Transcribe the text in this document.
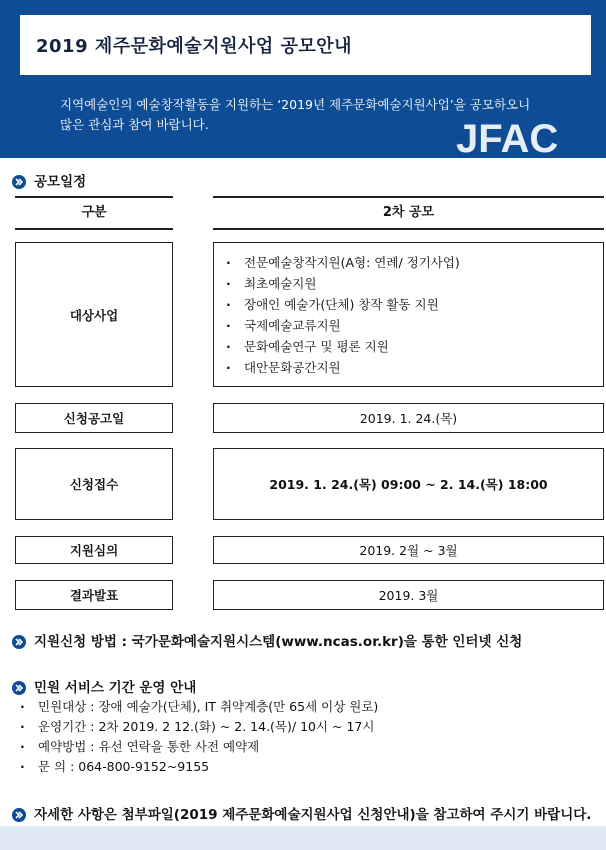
2019 제주문화예술지원사업 공모안내
지역예술인의 예술창작활동을 지원하는 ‘2019년 제주문화예술지원사업’을 공모하오니
많은 관심과 참여 바랍니다.	JFAC
공모일정
구분	2차 공모
대상사업
· 전문예술창작지원(A형: 연례/ 정기사업)
· 최초예술지원
· 장애인 예술가(단체) 창작 활동 지원
· 국제예술교류지원
· 문화예술연구 및 평론 지원
· 대안문화공간지원
신청공고일	2019. 1. 24.(목)
신청접수	2019. 1. 24.(목) 09:00 ~ 2. 14.(목) 18:00
지원심의	2019. 2월 ~ 3월
결과발표	2019. 3월
지원신청 방법 : 국가문화예술지원시스템(www.ncas.or.kr)을 통한 인터넷 신청
민원 서비스 기간 운영 안내
· 민원대상 : 장애 예술가(단체), IT 취약계층(만 65세 이상 원로)
· 운영기간 : 2차 2019. 2 12.(화) ~ 2. 14.(목)/ 10시 ~ 17시
· 예약방법 : 유선 연락을 통한 사전 예약제
· 문 의 : 064-800-9152~9155
자세한 사항은 첨부파일(2019 제주문화예술지원사업 신청안내)을 참고하여 주시기 바랍니다.
